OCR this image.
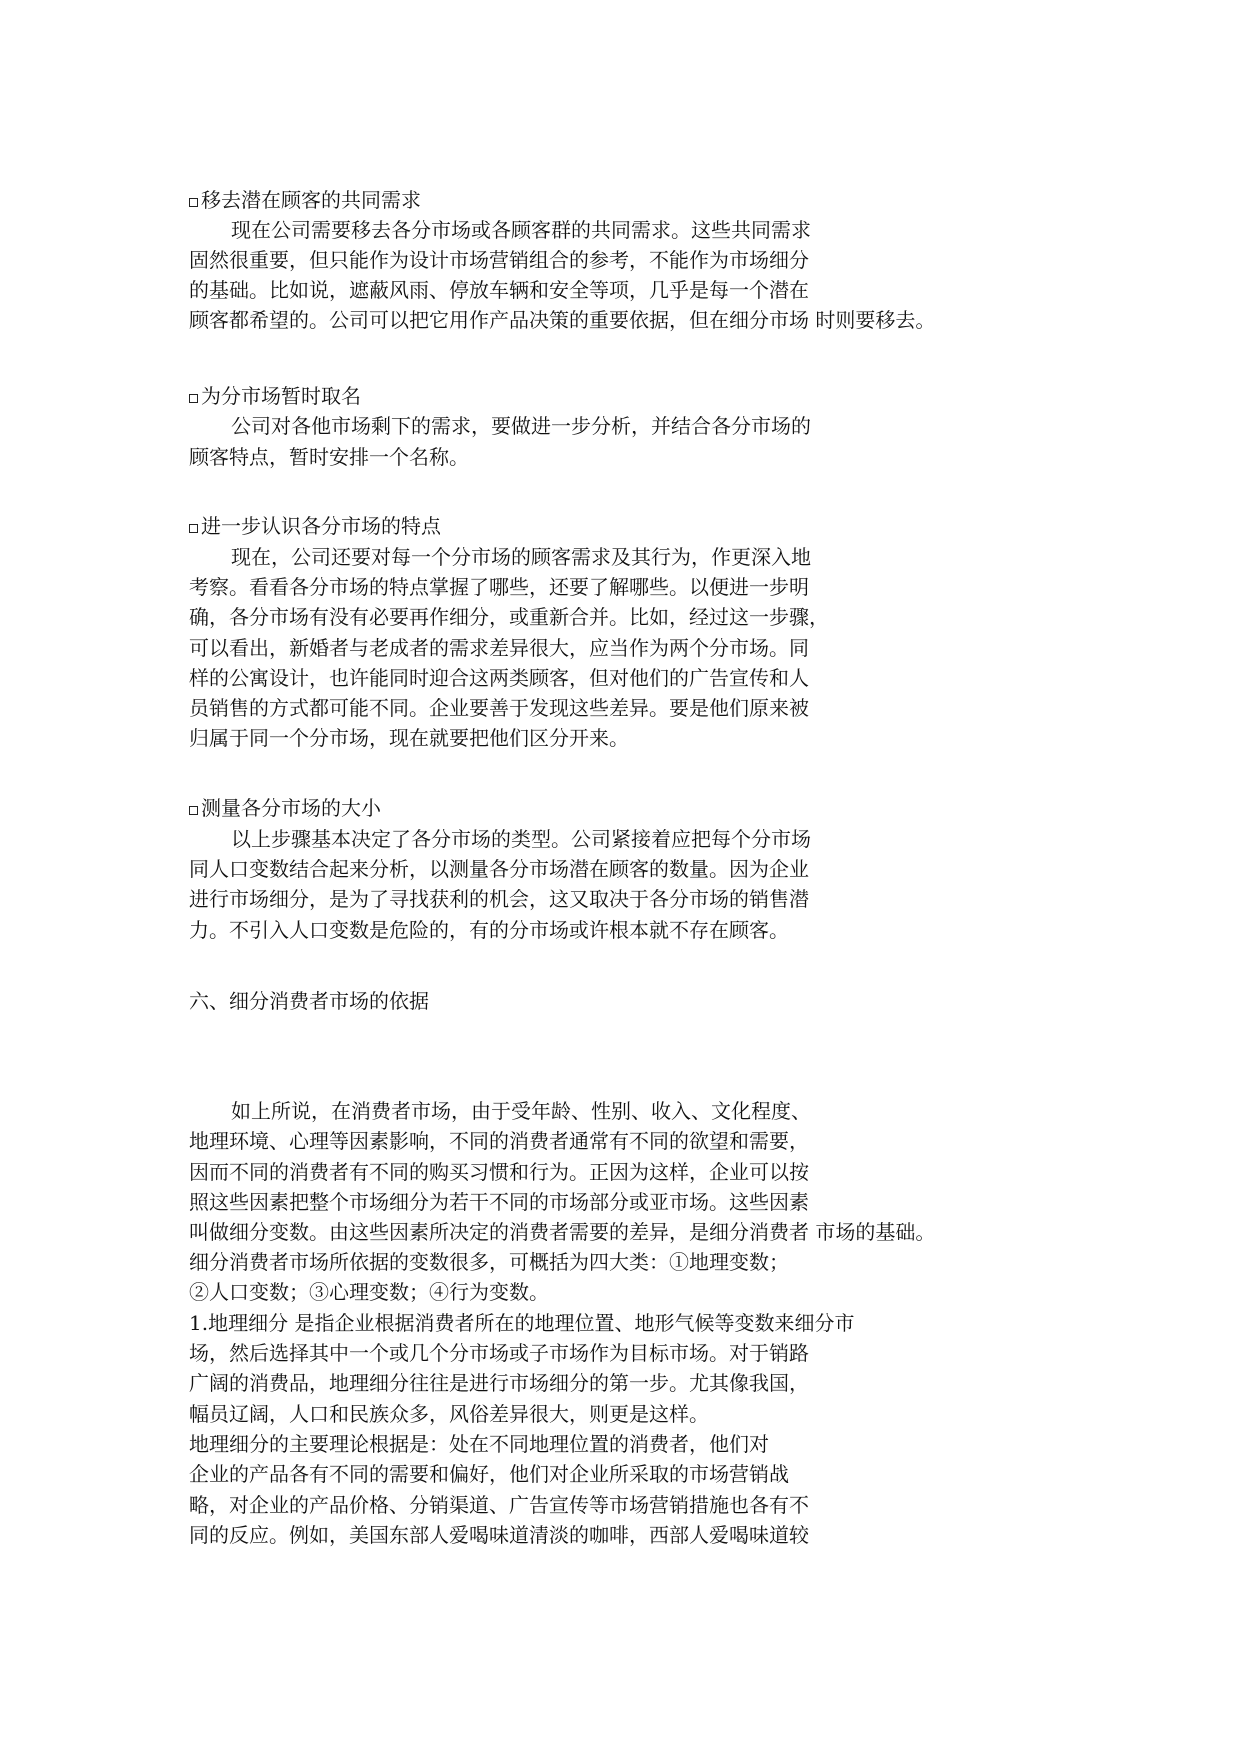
移去潜在顾客的共同需求
现在公司需要移去各分市场或各顾客群的共同需求。这些共同需求
固然很重要，但只能作为设计市场营销组合的参考，不能作为市场细分
的基础。比如说，遮蔽风雨、停放车辆和安全等项，几乎是每一个潜在
顾客都希望的。公司可以把它用作产品决策的重要依据，但在细分市场 时则要移去。
为分市场暂时取名
公司对各他市场剩下的需求，要做进一步分析，并结合各分市场的
顾客特点，暂时安排一个名称。
进一步认识各分市场的特点
现在，公司还要对每一个分市场的顾客需求及其行为，作更深入地
考察。看看各分市场的特点掌握了哪些，还要了解哪些。以便进一步明
确，各分市场有没有必要再作细分，或重新合并。比如，经过这一步骤，
可以看出，新婚者与老成者的需求差异很大，应当作为两个分市场。同
样的公寓设计，也许能同时迎合这两类顾客，但对他们的广告宣传和人
员销售的方式都可能不同。企业要善于发现这些差异。要是他们原来被
归属于同一个分市场，现在就要把他们区分开来。
测量各分市场的大小
以上步骤基本决定了各分市场的类型。公司紧接着应把每个分市场
同人口变数结合起来分析，以测量各分市场潜在顾客的数量。因为企业
进行市场细分，是为了寻找获利的机会，这又取决于各分市场的销售潜
力。不引入人口变数是危险的，有的分市场或许根本就不存在顾客。
六、细分消费者市场的依据
如上所说，在消费者市场，由于受年龄、性别、收入、文化程度、
地理环境、心理等因素影响，不同的消费者通常有不同的欲望和需要，
因而不同的消费者有不同的购买习惯和行为。正因为这样，企业可以按
照这些因素把整个市场细分为若干不同的市场部分或亚市场。这些因素
叫做细分变数。由这些因素所决定的消费者需要的差异，是细分消费者 市场的基础。
细分消费者市场所依据的变数很多，可概括为四大类：①地理变数；
②人口变数；③心理变数；④行为变数。
1.地理细分 是指企业根据消费者所在的地理位置、地形气候等变数来细分市
场，然后选择其中一个或几个分市场或子市场作为目标市场。对于销路
广阔的消费品，地理细分往往是进行市场细分的第一步。尤其像我国，
幅员辽阔，人口和民族众多，风俗差异很大，则更是这样。
地理细分的主要理论根据是：处在不同地理位置的消费者，他们对
企业的产品各有不同的需要和偏好，他们对企业所采取的市场营销战
略，对企业的产品价格、分销渠道、广告宣传等市场营销措施也各有不
同的反应。例如，美国东部人爱喝味道清淡的咖啡，西部人爱喝味道较
